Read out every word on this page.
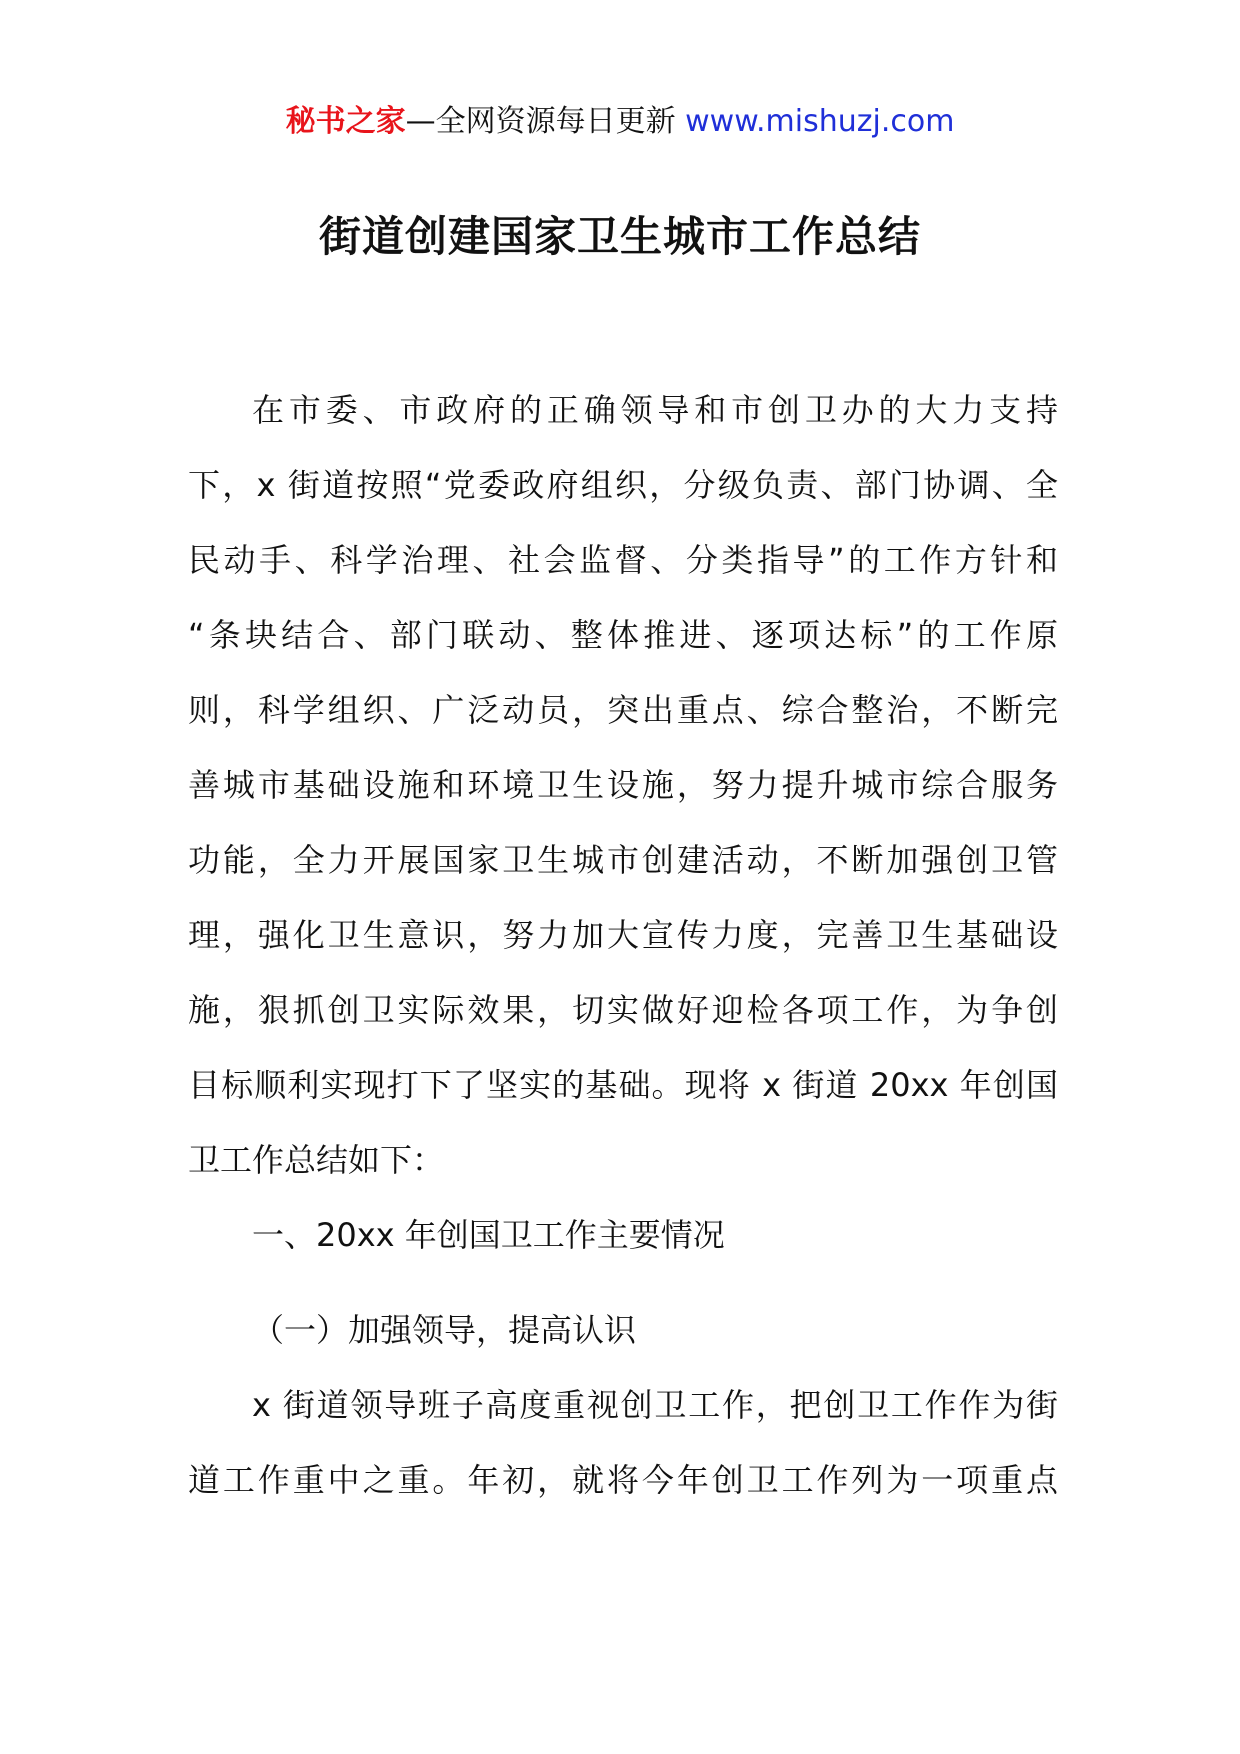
秘书之家—全网资源每日更新 www.mishuzj.com
街道创建国家卫生城市工作总结
在市委、市政府的正确领导和市创卫办的大力支持
下，x 街道按照“党委政府组织，分级负责、部门协调、全
民动手、科学治理、社会监督、分类指导”的工作方针和
“条块结合、部门联动、整体推进、逐项达标”的工作原
则，科学组织、广泛动员，突出重点、综合整治，不断完
善城市基础设施和环境卫生设施，努力提升城市综合服务
功能，全力开展国家卫生城市创建活动，不断加强创卫管
理，强化卫生意识，努力加大宣传力度，完善卫生基础设
施，狠抓创卫实际效果，切实做好迎检各项工作，为争创
目标顺利实现打下了坚实的基础。现将 x 街道 20xx 年创国
卫工作总结如下：
一、20xx 年创国卫工作主要情况
（一）加强领导，提高认识
x 街道领导班子高度重视创卫工作，把创卫工作作为街
道工作重中之重。年初，就将今年创卫工作列为一项重点
